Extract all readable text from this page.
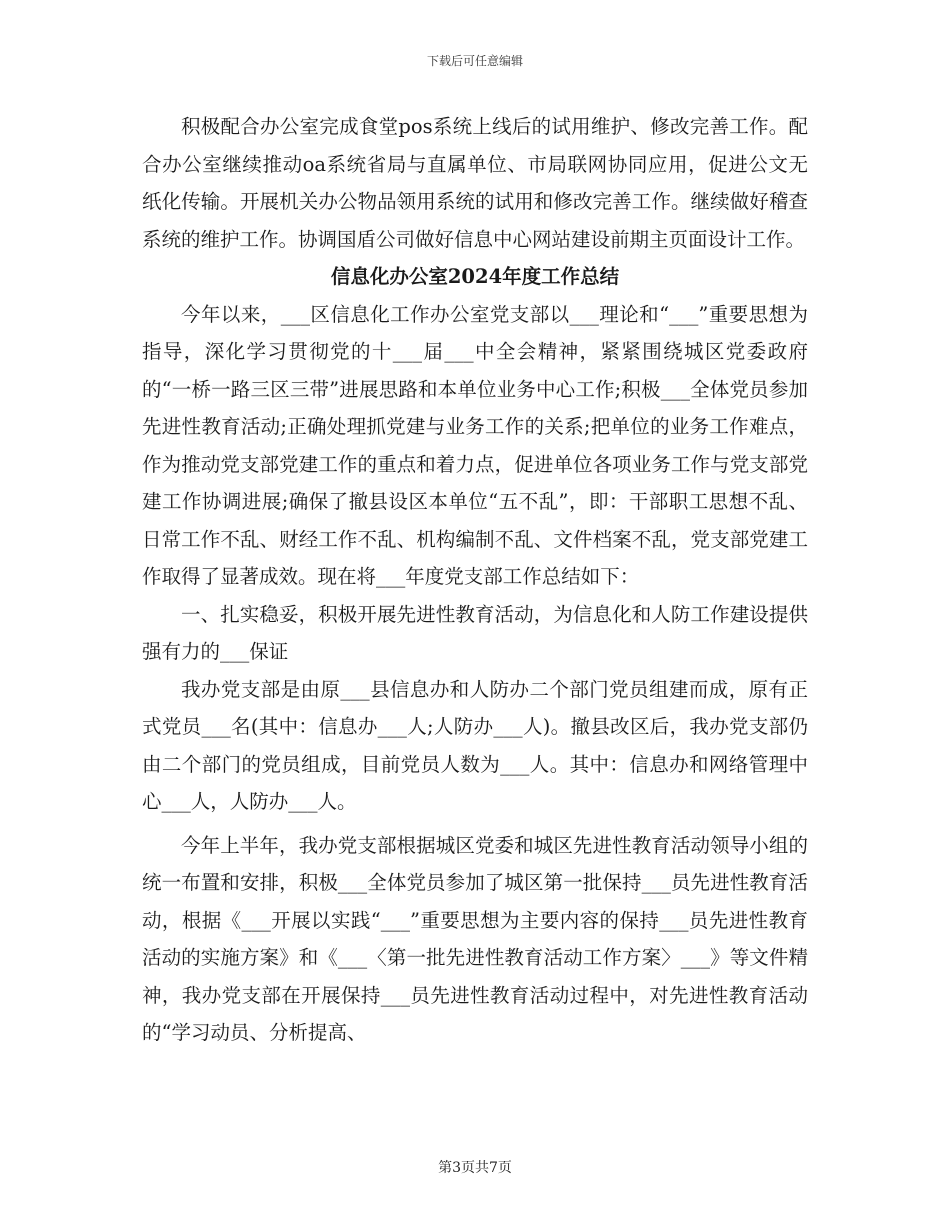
下载后可任意编辑

积极配合办公室完成食堂pos系统上线后的试用维护、修改完善工作。配合办公室继续推动oa系统省局与直属单位、市局联网协同应用，促进公文无纸化传输。开展机关办公物品领用系统的试用和修改完善工作。继续做好稽查系统的维护工作。协调国盾公司做好信息中心网站建设前期主页面设计工作。

信息化办公室2024年度工作总结

今年以来，___区信息化工作办公室党支部以___理论和“___”重要思想为指导，深化学习贯彻党的十___届___中全会精神，紧紧围绕城区党委政府的“一桥一路三区三带”进展思路和本单位业务中心工作;积极___全体党员参加先进性教育活动;正确处理抓党建与业务工作的关系;把单位的业务工作难点，作为推动党支部党建工作的重点和着力点，促进单位各项业务工作与党支部党建工作协调进展;确保了撤县设区本单位“五不乱”，即：干部职工思想不乱、日常工作不乱、财经工作不乱、机构编制不乱、文件档案不乱，党支部党建工作取得了显著成效。现在将___年度党支部工作总结如下：

一、扎实稳妥，积极开展先进性教育活动，为信息化和人防工作建设提供强有力的___保证

我办党支部是由原___县信息办和人防办二个部门党员组建而成，原有正式党员___名(其中：信息办___人;人防办___人)。撤县改区后，我办党支部仍由二个部门的党员组成，目前党员人数为___人。其中：信息办和网络管理中心___人，人防办___人。

今年上半年，我办党支部根据城区党委和城区先进性教育活动领导小组的统一布置和安排，积极___全体党员参加了城区第一批保持___员先进性教育活动，根据《___开展以实践“___”重要思想为主要内容的保持___员先进性教育活动的实施方案》和《___〈第一批先进性教育活动工作方案〉___》等文件精神，我办党支部在开展保持___员先进性教育活动过程中，对先进性教育活动的“学习动员、分析提高、

第3页共7页
